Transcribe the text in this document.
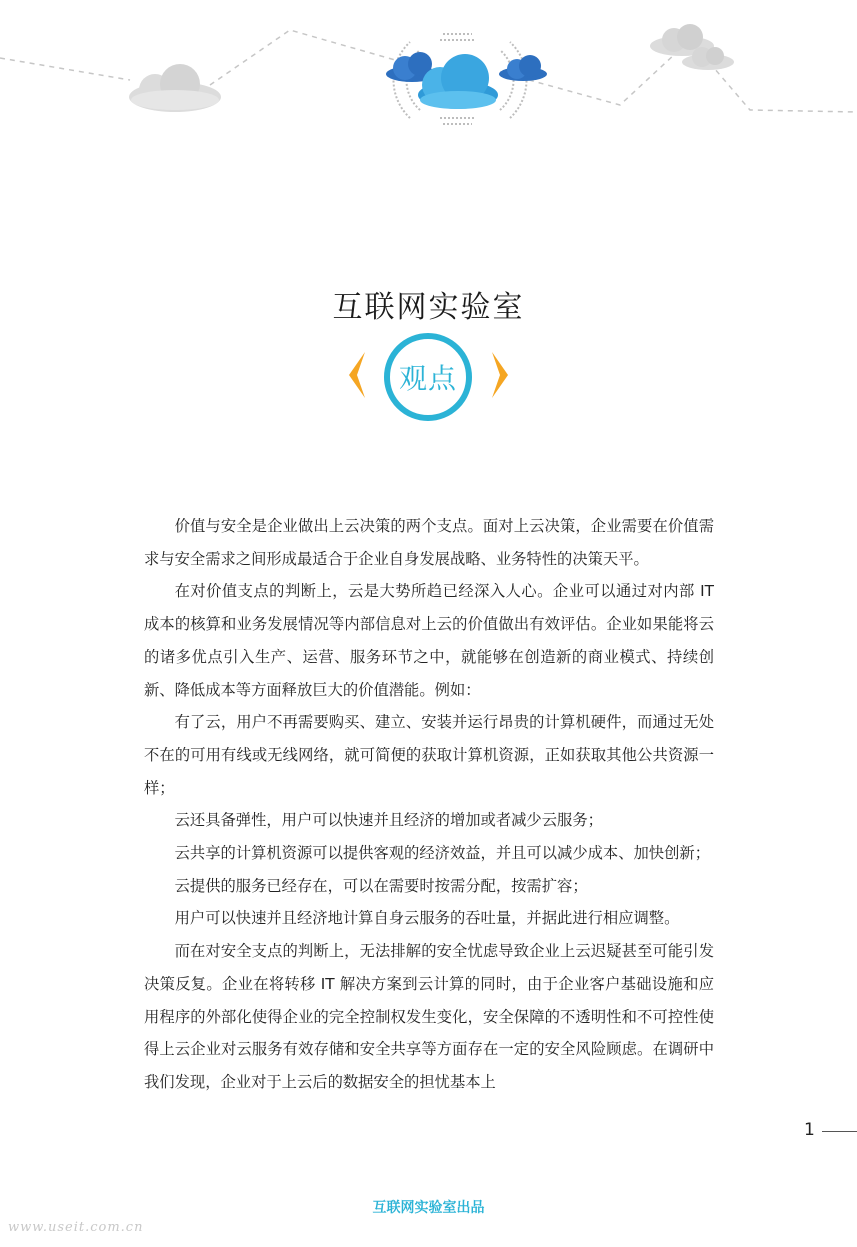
互联网实验室
观点

价值与安全是企业做出上云决策的两个支点。面对上云决策，企业需要在价值需求与安全需求之间形成最适合于企业自身发展战略、业务特性的决策天平。

在对价值支点的判断上，云是大势所趋已经深入人心。企业可以通过对内部 IT 成本的核算和业务发展情况等内部信息对上云的价值做出有效评估。企业如果能将云的诸多优点引入生产、运营、服务环节之中，就能够在创造新的商业模式、持续创新、降低成本等方面释放巨大的价值潜能。例如：

有了云，用户不再需要购买、建立、安装并运行昂贵的计算机硬件，而通过无处不在的可用有线或无线网络，就可简便的获取计算机资源，正如获取其他公共资源一样；

云还具备弹性，用户可以快速并且经济的增加或者减少云服务；

云共享的计算机资源可以提供客观的经济效益，并且可以减少成本、加快创新；

云提供的服务已经存在，可以在需要时按需分配，按需扩容；

用户可以快速并且经济地计算自身云服务的吞吐量，并据此进行相应调整。

而在对安全支点的判断上，无法排解的安全忧虑导致企业上云迟疑甚至可能引发决策反复。企业在将转移 IT 解决方案到云计算的同时，由于企业客户基础设施和应用程序的外部化使得企业的完全控制权发生变化，安全保障的不透明性和不可控性使得上云企业对云服务有效存储和安全共享等方面存在一定的安全风险顾虑。在调研中我们发现，企业对于上云后的数据安全的担忧基本上

1
互联网实验室出品
www.useit.com.cn
